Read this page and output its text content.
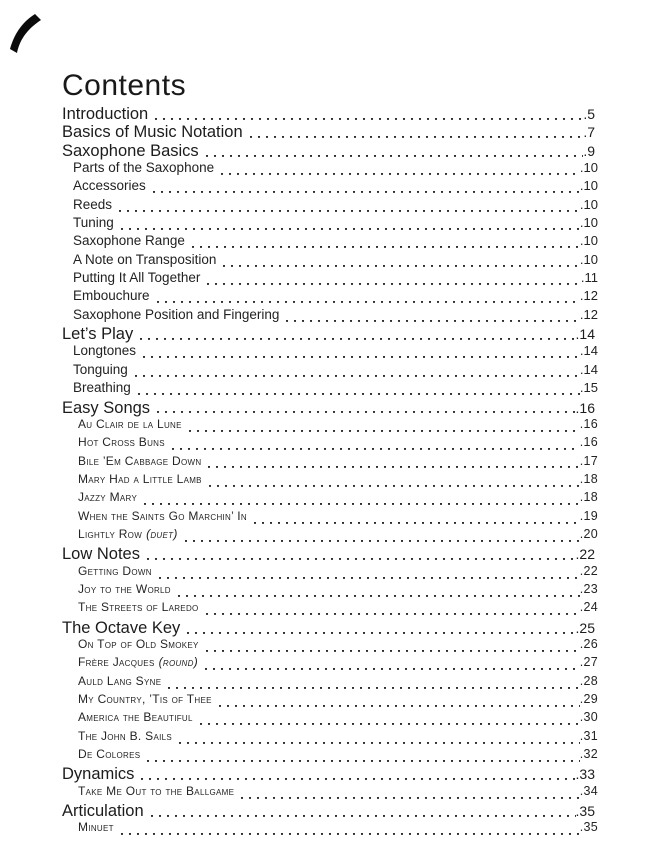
Contents
Introduction	. 5
Basics of Music Notation	. 7
Saxophone Basics	. 9
Parts of the Saxophone	. 10
Accessories	. 10
Reeds	. 10
Tuning	. 10
Saxophone Range	. 10
A Note on Transposition	. 10
Putting It All Together	. 11
Embouchure	. 12
Saxophone Position and Fingering	. 12
Let’s Play	. 14
Longtones	. 14
Tonguing	. 14
Breathing	. 15
Easy Songs	. 16
Au Clair de la Lune	. 16
Hot Cross Buns	. 16
Bile ’Em Cabbage Down	. 17
Mary Had a Little Lamb	. 18
Jazzy Mary	. 18
When the Saints Go Marchin’ In	. 19
Lightly Row (duet)	. 20
Low Notes	. 22
Getting Down	. 22
Joy to the World	. 23
The Streets of Laredo	. 24
The Octave Key	. 25
On Top of Old Smokey	. 26
Frère Jacques (round)	. 27
Auld Lang Syne	. 28
My Country, ’Tis of Thee	. 29
America the Beautiful	. 30
The John B. Sails	. 31
De Colores	. 32
Dynamics	. 33
Take Me Out to the Ballgame	. 34
Articulation	. 35
Minuet	. 35
